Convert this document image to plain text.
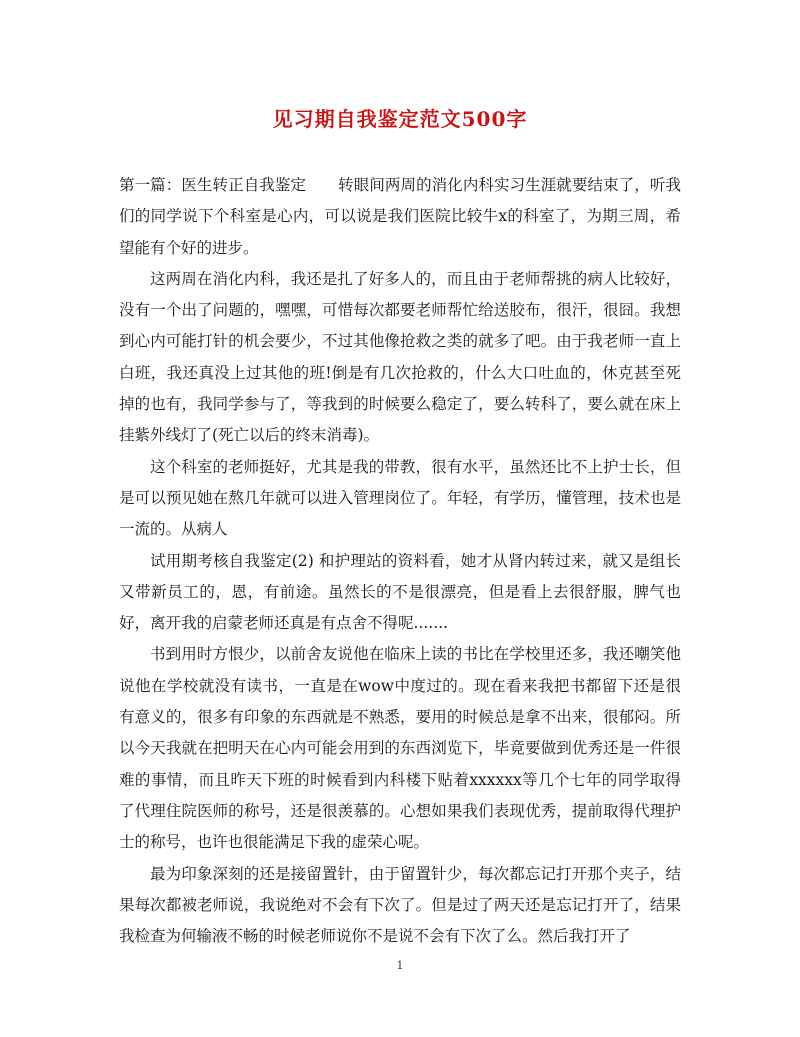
见习期自我鉴定范文500字

第一篇：医生转正自我鉴定 转眼间两周的消化内科实习生涯就要结束了，听我们的同学说下个科室是心内，可以说是我们医院比较牛x的科室了，为期三周，希望能有个好的进步。

这两周在消化内科，我还是扎了好多人的，而且由于老师帮挑的病人比较好，没有一个出了问题的，嘿嘿，可惜每次都要老师帮忙给送胶布，很汗，很囧。我想到心内可能打针的机会要少，不过其他像抢救之类的就多了吧。由于我老师一直上白班，我还真没上过其他的班!倒是有几次抢救的，什么大口吐血的，休克甚至死掉的也有，我同学参与了，等我到的时候要么稳定了，要么转科了，要么就在床上挂紫外线灯了(死亡以后的终末消毒)。

这个科室的老师挺好，尤其是我的带教，很有水平，虽然还比不上护士长，但是可以预见她在熬几年就可以进入管理岗位了。年轻，有学历，懂管理，技术也是一流的。从病人

试用期考核自我鉴定(2) 和护理站的资料看，她才从肾内转过来，就又是组长又带新员工的，恩，有前途。虽然长的不是很漂亮，但是看上去很舒服，脾气也好，离开我的启蒙老师还真是有点舍不得呢.......

书到用时方恨少，以前舍友说他在临床上读的书比在学校里还多，我还嘲笑他说他在学校就没有读书，一直是在wow中度过的。现在看来我把书都留下还是很有意义的，很多有印象的东西就是不熟悉，要用的时候总是拿不出来，很郁闷。所以今天我就在把明天在心内可能会用到的东西浏览下，毕竟要做到优秀还是一件很难的事情，而且昨天下班的时候看到内科楼下贴着xxxxxx等几个七年的同学取得了代理住院医师的称号，还是很羡慕的。心想如果我们表现优秀，提前取得代理护士的称号，也许也很能满足下我的虚荣心呢。

最为印象深刻的还是接留置针，由于留置针少，每次都忘记打开那个夹子，结果每次都被老师说，我说绝对不会有下次了。但是过了两天还是忘记打开了，结果我检查为何输液不畅的时候老师说你不是说不会有下次了么。然后我打开了

1
